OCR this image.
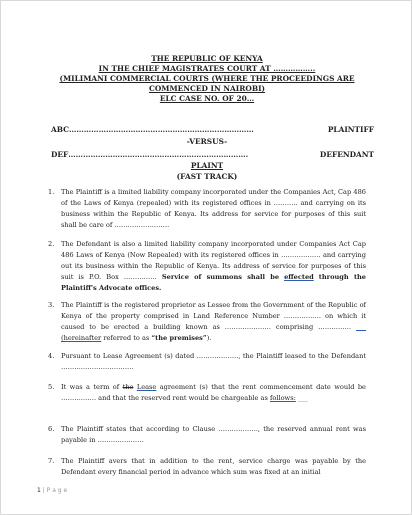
THE REPUBLIC OF KENYA
IN THE CHIEF MAGISTRATES COURT AT ……………..
(MILIMANI COMMERCIAL COURTS (WHERE THE PROCEEDINGS ARE
COMMENCED IN NAIROBI)
ELC CASE NO. OF 20…
ABC…………………………………………………………………	PLAINTIFF
-VERSUS-
DEF……………………………………………………………….	DEFENDANT
PLAINT
(FAST TRACK)
1. The Plaintiff is a limited liability company incorporated under the Companies Act, Cap 486 of the Laws of Kenya (repealed) with its registered offices in ……….. and carrying on its business within the Republic of Kenya. Its address for service for purposes of this suit shall be care of …………………….
2. The Defendant is also a limited liability company incorporated under Companies Act Cap 486 Laws of Kenya (Now Repealed) with its registered offices in ……………… and carrying out its business within the Republic of Kenya. Its address of service for purposes of this suit is P.O. Box …………… Service of summons shall be effected through the Plaintiff's Advocate offices.
3. The Plaintiff is the registered proprietor as Lessee from the Government of the Republic of Kenya of the property comprised in Land Reference Number …………….. on which it caused to be erected a building known as ………………… comprising …………… ___ (hereinafter referred to as “the premises”).
4. Pursuant to Lease Agreement (s) dated ………………., the Plaintiff leased to the Defendant ……………………………
5. It was a term of the Lease agreement (s) that the rent commencement date would be ……………. and that the reserved rent would be chargeable as follows: ___
6. The Plaintiff states that according to Clause ………………, the reserved annual rent was payable in …………………
7. The Plaintiff avers that in addition to the rent, service charge was payable by the Defendant every financial period in advance which sum was fixed at an initial
1 | P a g e
